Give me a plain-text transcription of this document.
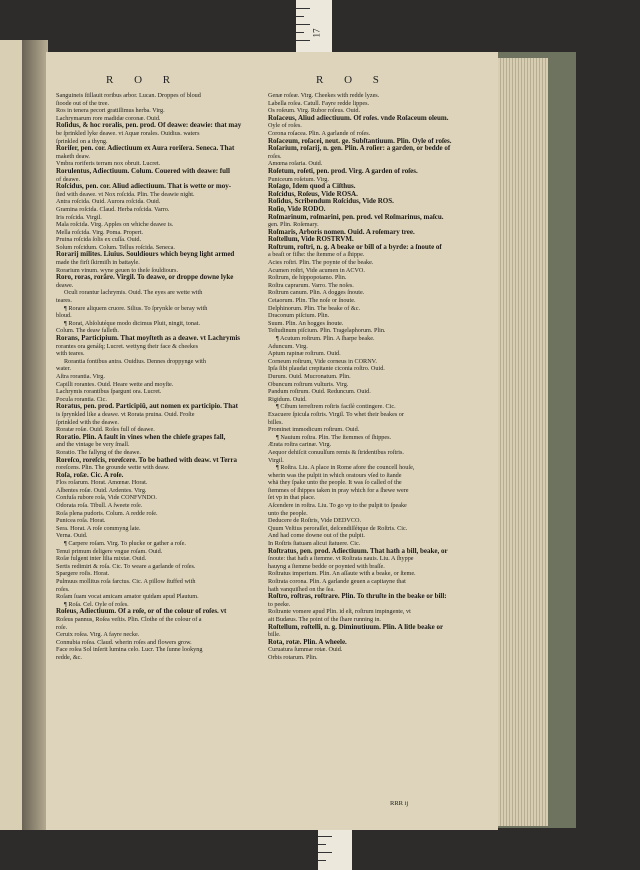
17
R O R	R O S
Sanguineis ſtillauit roribus arbor. Lucan. Droppes of bloud
ſtoode out of the tree.
Ros in tenera pecori gratiſſimus herba. Virg.
Lachrymarum rore madidæ coronæ. Ouid.
Roſidus, & hoc roralis, pen. prod. Of deawe: deawie: that may
be ſprinkled lyke deawe. vt Aquæ rorales. Ouidius. waters
ſprinkled on a thyng.
Roriſer, pen. cor. Adiectiuum ex Aura roriſera. Seneca. That
maketh deaw.
Vmbra roriferis terram nox obruit. Lucret.
Rorulentus, Adiectiuum. Colum. Couered with deawe: full
of deawe.
Roſcidus, pen. cor. Aliud adiectiuum. That is wette or moy-
ſted with deawe. vt Nox roſcida. Plin. The deawie night.
Antra roſcida. Ouid. Aurora roſcida. Ouid.
Gramina roſcida. Claud. Herba roſcida. Varro.
Iris roſcida. Virgil.
Mala roſcida. Virg. Apples on whiche deawe is.
Mella roſcida. Virg. Poma. Propert.
Pruina roſcida ſolis ex cuſſa. Ouid.
Solum roſcidum. Colum. Tellus roſcida. Seneca.
Rorarij milites. Liuius. Souldiours which beyng light armed
made the firſt ſkirmiſh in battayle.
Rorarium vinum. wyne geuen to theſe ſouldiours.
Roro, roras, rorâre. Virgil. To deawe, or droppe downe lyke
deawe.
Oculi rorantur lachrymis. Ouid. The eyes are wette with
teares.
¶ Rorare aliquem cruore. Silius. To ſprynkle or beray with
bloud.
¶ Rorat, Abſolutéque modo dicimus Pluit, ningit, tonat.
Colum. The deaw falleth.
Rorans, Participium. That moyſteth as a deawe. vt Lachrymis
rorantes ora genáſq; Lucret. wettyng their face & cheekes
with teares.
Rorantia fontibus antra. Ouidius. Dennes droppynge with
water.
Aſtra rorantia. Virg.
Capilli rorantes. Ouid. Heare wette and moyſte.
Lachrymis rorantibus ſpargunt ora. Lucret.
Pocula rorantia. Cic.
Roratus, pen. prod. Participiũ, aut nomen ex participio. That
is ſprynkled like a deawe. vt Rorata pruina. Ouid. Froſte
ſprinkled with the deawe.
Roratæ roſæ. Ouid. Roſes full of deawe.
Roratio. Plin. A fault in vines when the chiefe grapes fall,
and the vintage be very ſmall.
Roratio. The fallyng of the deawe.
Roreſco, roreſcis, roreſcere. To be bathed with deaw. vt Terra
roreſcens. Plin. The grounde wette with deaw.
Roſa, roſæ. Cic. A roſe.
Flos roſarum. Horat. Amœnæ. Horat.
Albentes roſæ. Ouid. Ardentes. Virg.
Confuſa rubore roſa, Vide CONFVNDO.
Odorata roſa. Tibull. A ſweete roſe.
Roſa plena pudoris. Colum. A redde roſe.
Punicea roſa. Horat.
Sera. Horat. A roſe commyng late.
Verna. Ouid.
¶ Carpere roſam. Virg. To plucke or gather a roſe.
Tenui primum deligere vngue roſam. Ouid.
Roſæ fulgent inter lilia mixtæ. Ouid.
Sertis redimiri & roſa. Cic. To weare a garlande of roſes.
Spargere roſis. Horat.
Pulmuus mollitus roſa farctus. Cic. A pillow ſtuffed with
roſes.
Roſam ſuam vocat amicam amator quidam apud Plautum.
¶ Roſa. Cel. Oyle of roſes.
Roſeus, Adiectiuum. Of a roſe, or of the colour of roſes. vt
Roſeus pannus, Roſea veſtis. Plin. Clothe of the colour of a
roſe.
Ceruix roſea. Virg. A fayre necke.
Connubia roſea. Claud. wherin roſes and flowers grow.
Face roſea Sol inſerit lumina celo. Lucr. The ſunne lookyng
redde, &c.
Genæ roſeæ. Virg. Cheekes with redde lyzes.
Labella roſea. Catull. Fayre redde lippes.
Os roſeum. Virg. Rubor roſeus. Ouid.
Roſaceus, Aliud adiectiuum. Of roſes. vnde Roſaceum oleum.
Oyle of roſes.
Corona roſacea. Plin. A garlande of roſes.
Roſaceum, roſacei, neut. ge. Subſtantiuum. Plin. Oyle of roſes.
Roſarium, roſarij, n. gen. Plin. A roſier: a garden, or bedde of
roſes.
Amœna roſaria. Ouid.
Roſetum, roſeti, pen. prod. Virg. A garden of roſes.
Puniceum roſetum. Virg.
Roſago, Idem quod a Ciſthus.
Roſcidus, Roſeus, Vide ROSA.
Roſidus, Scribendum Roſcidus, Vide ROS.
Roſio, Vide RODO.
Roſmarinum, roſmarini, pen. prod. vel Roſmarinus, maſcu.
gen. Plin. Roſemary.
Roſmaris, Arboris nomen. Ouid. A roſemary tree.
Roſtellum, Vide ROSTRVM.
Roſtrum, roſtri, n. g. A beake or bill of a byrde: a ſnoute of
a beaſt or fiſhe: the ſtemme of a ſhippe.
Acies roſtri. Plin. The poynte of the beake.
Acumen roſtri, Vide acumen in ACVO.
Roſtrum, de hippopotamo. Plin.
Roſtra caprarum. Varro. The noſes.
Roſtrum canum. Plin. A dogges ſnoute.
Cetaorum. Plin. The noſe or ſnoute.
Delphinorum. Plin. The beake of &c.
Draconum piſcium. Plin.
Suum. Plin. An hogges ſnoute.
Teſtudinum piſcium. Plin. Tragelaphorum. Plin.
¶ Acutum roſtrum. Plin. A ſharpe beake.
Aduncum. Virg.
Aptum rapinæ roſtrum. Ouid.
Corneum roſtrum, Vide corneus in CORNV.
Ipſa ſibi plaudat crepitante ciconia roſtro. Ouid.
Durum. Ouid. Mucronatum. Plin.
Obuncum roſtrum vulturis. Virg.
Pandum roſtrum. Ouid. Reduncum. Ouid.
Rigidum. Ouid.
¶ Cibum terreſtrem roſtris facilè contingere. Cic.
Exacuere ſpicula roſtris. Virgil. To whet their beakes or
billes.
Prominet immodicum roſtrum. Ouid.
¶ Nauium roſtra. Plin. The ſtemmes of ſhippes.
Ærata roſtra carinæ. Virg.
Aequor dehiſcit conuulſum remis & ſtridentibus roſtris.
Virgil.
¶ Roſtra. Liu. A place in Rome afore the councell houſe,
wherin was the pulpit in which oratours vſed to ſtande
whā they ſpake unto the people. It was ſo called of the
ſtemmes of ſhippes taken in pray which for a ſhewe were
ſet vp in that place.
Aſcendere in roſtra. Liu. To go vp to the pulpit to ſpeake
unto the people.
Deducere de Roſtris, Vide DEDVCO.
Quum Veſtius peroraſſet, deſcendiſſétque de Roſtris. Cic.
And had come downe out of the pulpit.
In Roſtris ſtatuam alicui ſtatuere. Cic.
Roſtratus, pen. prod. Adiectiuum. That hath a bill, beake, or
ſnoute: that hath a ſtemme. vt Roſtrata nauis. Liu. A ſhyppe
hauyng a ſtemme bedde or poynted with braſſe.
Roſtratus imperium. Plin. An aſſaute with a beake, or ſteme.
Roſtrata corona. Plin. A garlande geuen a capitayne that
hath vanquiſhed on the ſea.
Roſtro, roſtras, roſtrare. Plin. To thruſte in the beake or bill:
to peeke.
Roſtrante vomere apud Plin. id eſt, roſtrum impingente, vt
ait Budæus. The point of the ſhare running in.
Roſtellum, roſtelli, n. g. Diminutiuum. Plin. A litle beake or
bille.
Rota, rotæ. Plin. A wheele.
Curuatura ſummæ rotæ. Ouid.
Orbis rotarum. Plin.
RRR ij
